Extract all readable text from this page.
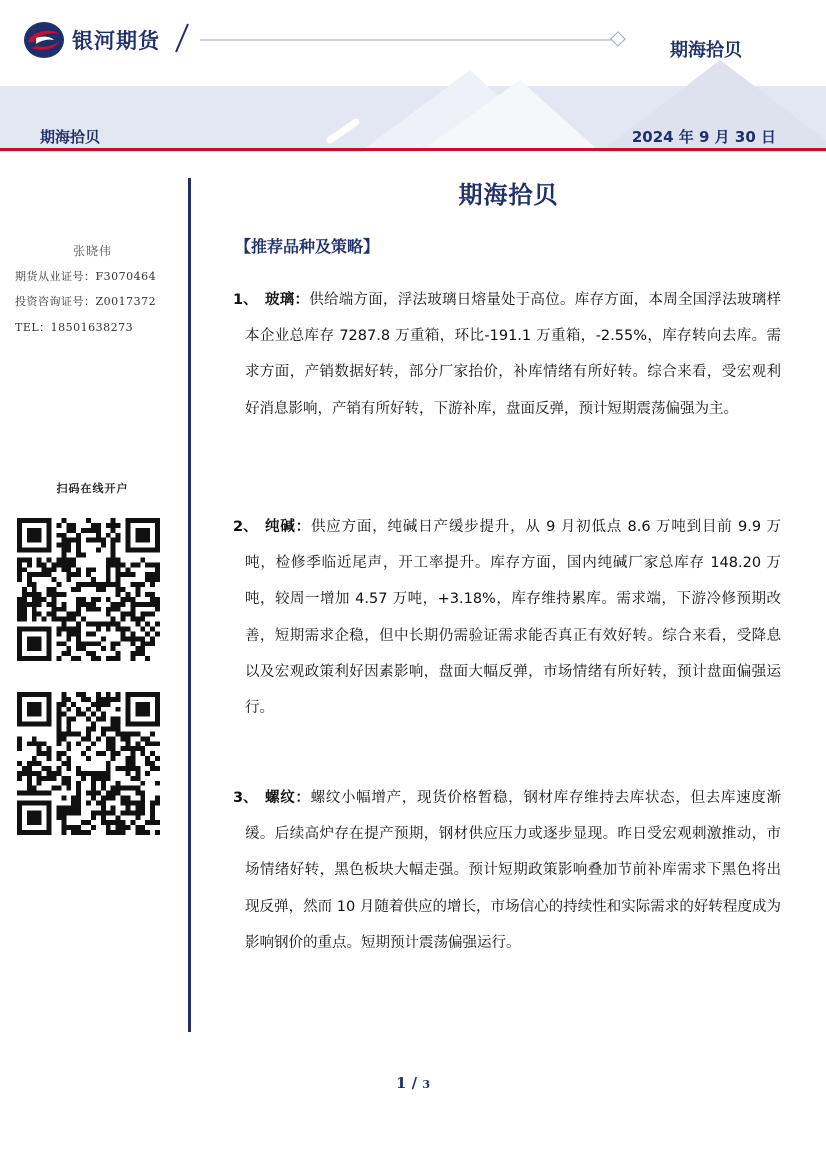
银河期货	期海拾贝
期海拾贝	2024 年 9 月 30 日
张晓伟
期货从业证号：F3070464
投资咨询证号：Z0017372
TEL：18501638273
扫码在线开户
期海拾贝
【推荐品种及策略】
1、 玻璃：供给端方面，浮法玻璃日熔量处于高位。库存方面，本周全国浮法玻璃样本企业总库存 7287.8 万重箱，环比-191.1 万重箱，-2.55%，库存转向去库。需求方面，产销数据好转，部分厂家抬价，补库情绪有所好转。综合来看，受宏观利好消息影响，产销有所好转，下游补库，盘面反弹，预计短期震荡偏强为主。
2、 纯碱：供应方面，纯碱日产缓步提升，从 9 月初低点 8.6 万吨到目前 9.9 万吨，检修季临近尾声，开工率提升。库存方面，国内纯碱厂家总库存 148.20 万吨，较周一增加 4.57 万吨，+3.18%，库存维持累库。需求端，下游冷修预期改善，短期需求企稳，但中长期仍需验证需求能否真正有效好转。综合来看，受降息以及宏观政策利好因素影响，盘面大幅反弹，市场情绪有所好转，预计盘面偏强运行。
3、 螺纹：螺纹小幅增产，现货价格暂稳，钢材库存维持去库状态，但去库速度渐缓。后续高炉存在提产预期，钢材供应压力或逐步显现。昨日受宏观刺激推动，市场情绪好转，黑色板块大幅走强。预计短期政策影响叠加节前补库需求下黑色将出现反弹，然而 10 月随着供应的增长，市场信心的持续性和实际需求的好转程度成为影响钢价的重点。短期预计震荡偏强运行。
1 / 3
